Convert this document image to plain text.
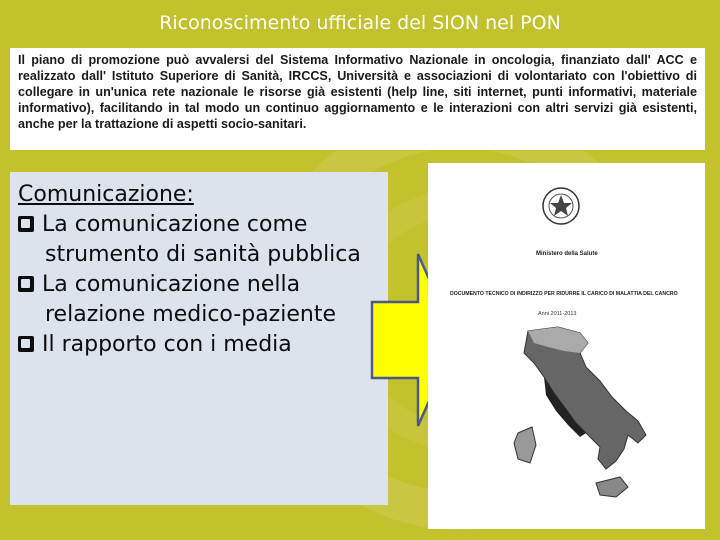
Riconoscimento ufficiale del SION nel PON

Il piano di promozione può avvalersi del Sistema Informativo Nazionale in oncologia, finanziato dall' ACC e realizzato dall' Istituto Superiore di Sanità, IRCCS, Università e associazioni di volontariato con l'obiettivo di collegare in un'unica rete nazionale le risorse già esistenti (help line, siti internet, punti informativi, materiale informativo), facilitando in tal modo un continuo aggiornamento e le interazioni con altri servizi già esistenti, anche per la trattazione di aspetti socio-sanitari.

Comunicazione:
La comunicazione come strumento di sanità pubblica
La comunicazione nella relazione medico-paziente
Il rapporto con i media
Ministero della Salute
DOCUMENTO TECNICO DI INDIRIZZO PER RIDURRE IL CARICO DI MALATTIA DEL CANCRO
Anni 2011-2013
